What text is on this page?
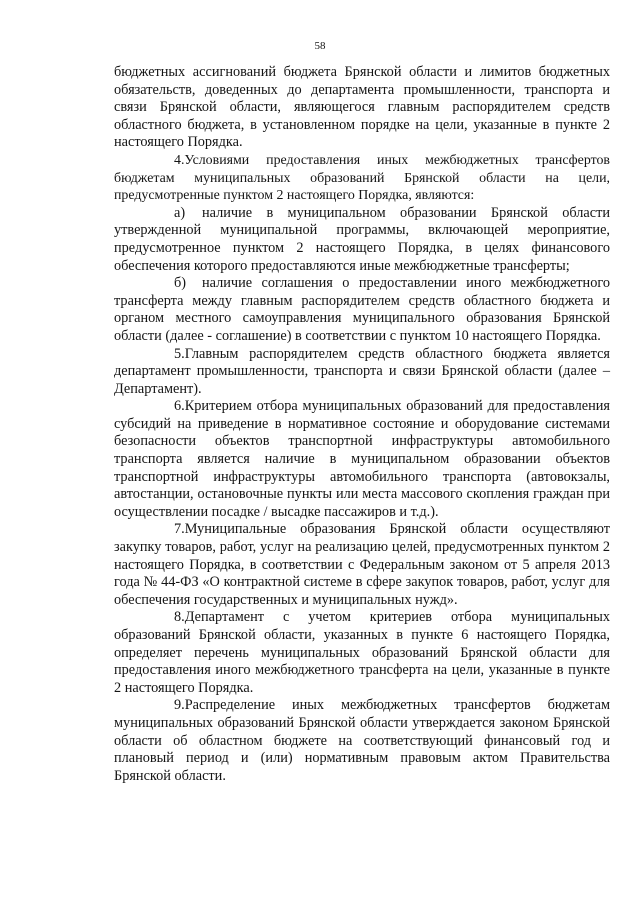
58

бюджетных ассигнований бюджета Брянской области и лимитов бюджетных обязательств, доведенных до департамента промышленности, транспорта и связи Брянской области, являющегося главным распорядителем средств областного бюджета, в установленном порядке на цели, указанные в пункте 2 настоящего Порядка.

4.Условиями предоставления иных межбюджетных трансфертов бюджетам муниципальных образований Брянской области на цели, предусмотренные пунктом 2 настоящего Порядка, являются:

а) наличие в муниципальном образовании Брянской области утвержденной муниципальной программы, включающей мероприятие, предусмотренное пунктом 2 настоящего Порядка, в целях финансового обеспечения которого предоставляются иные межбюджетные трансферты;

б) наличие соглашения о предоставлении иного межбюджетного трансферта между главным распорядителем средств областного бюджета и органом местного самоуправления муниципального образования Брянской области (далее - соглашение) в соответствии с пунктом 10 настоящего Порядка.

5.Главным распорядителем средств областного бюджета является департамент промышленности, транспорта и связи Брянской области (далее – Департамент).

6.Критерием отбора муниципальных образований для предоставления субсидий на приведение в нормативное состояние и оборудование системами безопасности объектов транспортной инфраструктуры автомобильного транспорта является наличие в муниципальном образовании объектов транспортной инфраструктуры автомобильного транспорта (автовокзалы, автостанции, остановочные пункты или места массового скопления граждан при осуществлении посадке / высадке пассажиров и т.д.).

7.Муниципальные образования Брянской области осуществляют закупку товаров, работ, услуг на реализацию целей, предусмотренных пунктом 2 настоящего Порядка, в соответствии с Федеральным законом от 5 апреля 2013 года № 44-ФЗ «О контрактной системе в сфере закупок товаров, работ, услуг для обеспечения государственных и муниципальных нужд».

8.Департамент с учетом критериев отбора муниципальных образований Брянской области, указанных в пункте 6 настоящего Порядка, определяет перечень муниципальных образований Брянской области для предоставления иного межбюджетного трансферта на цели, указанные в пункте 2 настоящего Порядка.

9.Распределение иных межбюджетных трансфертов бюджетам муниципальных образований Брянской области утверждается законом Брянской области об областном бюджете на соответствующий финансовый год и плановый период и (или) нормативным правовым актом Правительства Брянской области.
